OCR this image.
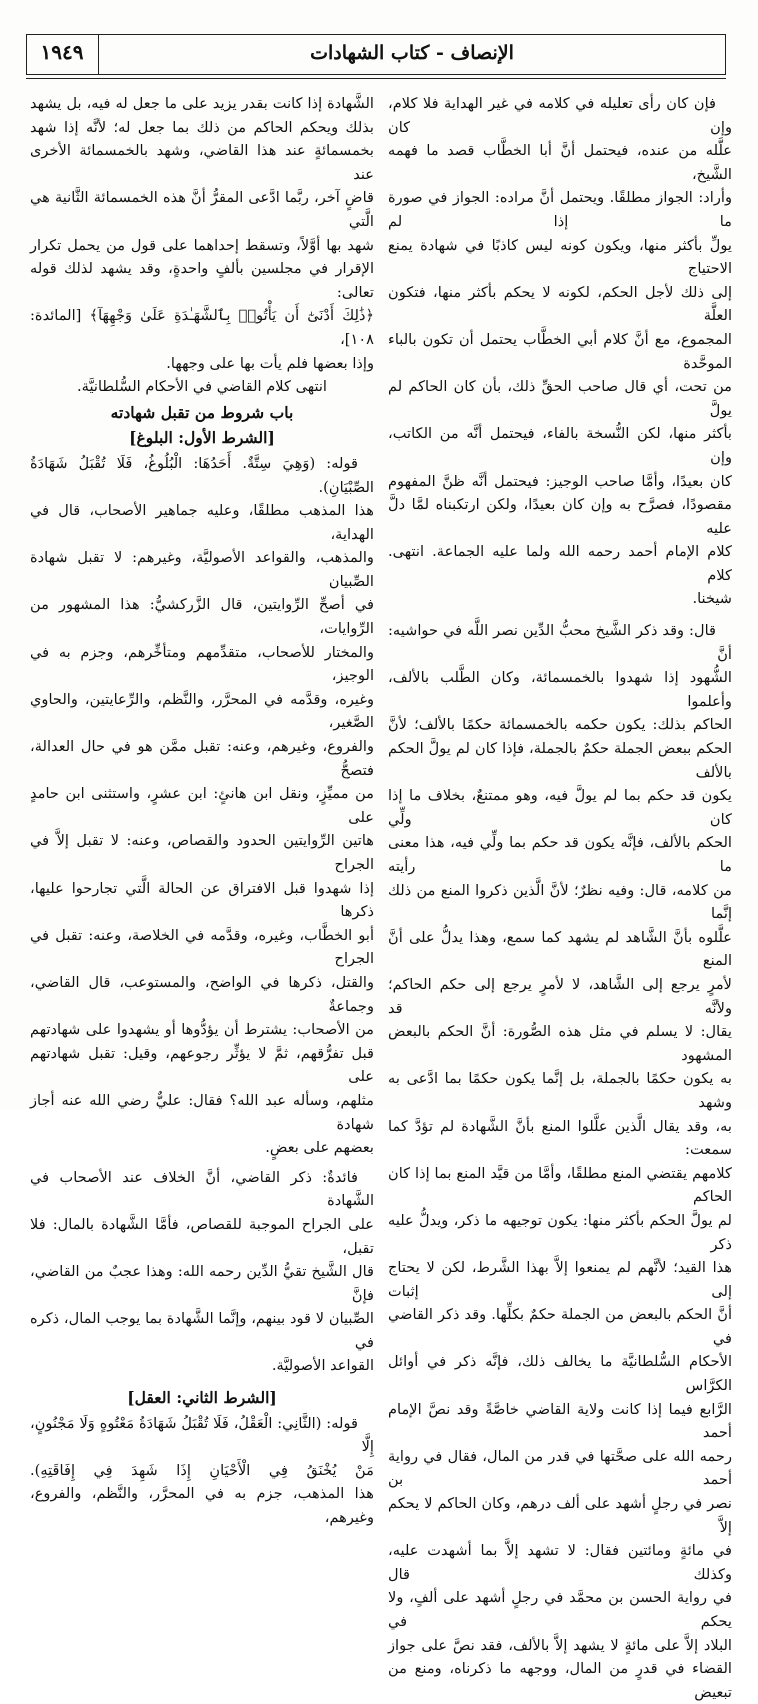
الإنصاف - كتاب الشهادات
١٩٤٩

فإن كان رأى تعليله في كلامه في غير الهداية فلا كلام، وإن كان

علَّله من عنده، فيحتمل أنَّ أبا الخطَّاب قصد ما فهمه الشَّيخ،

وأراد: الجواز مطلقًا. ويحتمل أنَّ مراده: الجواز في صورة ما إذا لم

يولِّ بأكثر منها، ويكون كونه ليس كاذبًا في شهادة يمنع الاحتياج

إلى ذلك لأجل الحكم، لكونه لا يحكم بأكثر منها، فتكون العلَّة

المجموع، مع أنَّ كلام أبي الخطَّاب يحتمل أن تكون بالباء الموحَّدة

من تحت، أي قال صاحب الحقِّ ذلك، بأن كان الحاكم لم يولَّ

بأكثر منها، لكن النُّسخة بالفاء، فيحتمل أنَّه من الكاتب، وإن

كان بعيدًا، وأمَّا صاحب الوجيز: فيحتمل أنَّه ظنَّ المفهوم

مقصودًا، فصرَّح به وإن كان بعيدًا، ولكن ارتكبناه لمَّا دلَّ عليه

كلام الإمام أحمد رحمه الله ولما عليه الجماعة. انتهى. كلام

شيخنا.

قال: وقد ذكر الشَّيخ محبُّ الدِّين نصر اللَّه في حواشيه: أنَّ

الشُّهود إذا شهدوا بالخمسمائة، وكان الطَّلب بالألف، وأعلموا

الحاكم بذلك: يكون حكمه بالخمسمائة حكمًا بالألف؛ لأنَّ

الحكم ببعض الجملة حكمٌ بالجملة، فإذا كان لم يولَّ الحكم بالألف

يكون قد حكم بما لم يولَّ فيه، وهو ممتنعٌ، بخلاف ما إذا كان ولِّي

الحكم بالألف، فإنَّه يكون قد حكم بما ولِّي فيه، هذا معنى ما رأيته

من كلامه، قال: وفيه نظرٌ؛ لأنَّ الَّذين ذكروا المنع من ذلك إنَّما

علَّلوه بأنَّ الشَّاهد لم يشهد كما سمع، وهذا يدلُّ على أنَّ المنع

لأمرٍ يرجع إلى الشَّاهد، لا لأمرٍ يرجع إلى حكم الحاكم؛ ولأنَّه قد

يقال: لا يسلم في مثل هذه الصُّورة: أنَّ الحكم بالبعض المشهود

به يكون حكمًا بالجملة، بل إنَّما يكون حكمًا بما ادَّعى به وشهد

به، وقد يقال الَّذين علَّلوا المنع بأنَّ الشَّهادة لم تؤدَّ كما سمعت:

كلامهم يقتضي المنع مطلقًا، وأمَّا من قيَّد المنع بما إذا كان الحاكم

لم يولَّ الحكم بأكثر منها: يكون توجيهه ما ذكر، ويدلُّ عليه ذكر

هذا القيد؛ لأنَّهم لم يمنعوا إلاَّ بهذا الشَّرط، لكن لا يحتاج إلى إثبات

أنَّ الحكم بالبعض من الجملة حكمٌ بكلِّها. وقد ذكر القاضي في

الأحكام السُّلطانيَّة ما يخالف ذلك، فإنَّه ذكر في أوائل الكرَّاس

الرَّابع فيما إذا كانت ولاية القاضي خاصَّةً وقد نصَّ الإمام أحمد

رحمه الله على صحَّتها في قدر من المال، فقال في رواية أحمد بن

نصر في رجلٍ أشهد على ألف درهم، وكان الحاكم لا يحكم إلاَّ

في مائةٍ ومائتين فقال: لا تشهد إلاَّ بما أشهدت عليه، وكذلك قال

في رواية الحسن بن محمَّد في رجلٍ أشهد على ألفٍ، ولا يحكم في

البلاد إلاَّ على مائةٍ لا يشهد إلاَّ بالألف، فقد نصَّ على جواز

القضاء في قدرٍ من المال، ووجهه ما ذكرناه، ومنع من تبعيض

الشَّهادة إذا كانت بقدر يزيد على ما جعل له فيه، بل يشهد

بذلك ويحكم الحاكم من ذلك بما جعل له؛ لأنَّه إذا شهد

بخمسمائةٍ عند هذا القاضي، وشهد بالخمسمائة الأخرى عند

قاضٍ آخر، ربَّما ادَّعى المقرُّ أنَّ هذه الخمسمائة الثَّانية هي الَّتي

شهد بها أوَّلاً، وتسقط إحداهما على قول من يحمل تكرار

الإقرار في مجلسين بألفٍ واحدةٍ، وقد يشهد لذلك قوله تعالى:

﴿ذَٰلِكَ أَدْنَىٰٓ أَن يَأْتُوا۟ بِٱلشَّهَـٰدَةِ عَلَىٰ وَجْهِهَآ﴾ [المائدة: ١٠٨]،

وإذا بعضها فلم يأت بها على وجهها.

انتهى كلام القاضي في الأحكام السُّلطانيَّة.

باب شروط من تقبل شهادته

[الشرط الأول: البلوغ]

قوله: (وَهِيَ سِتَّةٌ. أَحَدُهَا: الْبُلُوغُ، فَلَا تُقْبَلُ شَهَادَةُ الصِّبْيَانِ).

هذا المذهب مطلقًا، وعليه جماهير الأصحاب، قال في الهداية،

والمذهب، والقواعد الأصوليَّة، وغيرهم: لا تقبل شهادة الصِّبيان

في أصحِّ الرِّوايتين، قال الزَّركشيُّ: هذا المشهور من الرِّوايات،

والمختار للأصحاب، متقدِّمهم ومتأخِّرهم، وجزم به في الوجيز،

وغيره، وقدَّمه في المحرَّر، والنَّظم، والرِّعايتين، والحاوي الصَّغير،

والفروع، وغيرهم، وعنه: تقبل ممَّن هو في حال العدالة، فتصحُّ

من مميِّزٍ، ونقل ابن هانئٍ: ابن عشرٍ، واستثنى ابن حامدٍ على

هاتين الرِّوايتين الحدود والقصاص، وعنه: لا تقبل إلاَّ في الجراح

إذا شهدوا قبل الافتراق عن الحالة الَّتي تجارحوا عليها، ذكرها

أبو الخطَّاب، وغيره، وقدَّمه في الخلاصة، وعنه: تقبل في الجراح

والقتل، ذكرها في الواضح، والمستوعب، قال القاضي، وجماعةٌ

من الأصحاب: يشترط أن يؤدُّوها أو يشهدوا على شهادتهم

قبل تفرُّقهم، ثمَّ لا يؤثِّر رجوعهم، وقيل: تقبل شهادتهم على

مثلهم، وسأله عبد الله؟ فقال: عليٌّ رضي الله عنه أجاز شهادة

بعضهم على بعضٍ.

فائدةٌ: ذكر القاضي، أنَّ الخلاف عند الأصحاب في الشَّهادة

على الجراح الموجبة للقصاص، فأمَّا الشَّهادة بالمال: فلا تقبل،

قال الشَّيخ تقيُّ الدِّين رحمه الله: وهذا عجبٌ من القاضي، فإنَّ

الصِّبيان لا قود بينهم، وإنَّما الشَّهادة بما يوجب المال، ذكره في

القواعد الأصوليَّة.

[الشرط الثاني: العقل]

قوله: (الثَّانِي: الْعَقْلُ، فَلَا تُقْبَلُ شَهَادَةُ مَعْتُوهٍ وَلَا مَجْنُونٍ، إِلَّا

مَنْ يُخْنَقُ فِي الْأَحْيَانِ إِذَا شَهِدَ فِي إِفَاقَتِهِ).

هذا المذهب، جزم به في المحرَّر، والنَّظم، والفروع، وغيرهم،
